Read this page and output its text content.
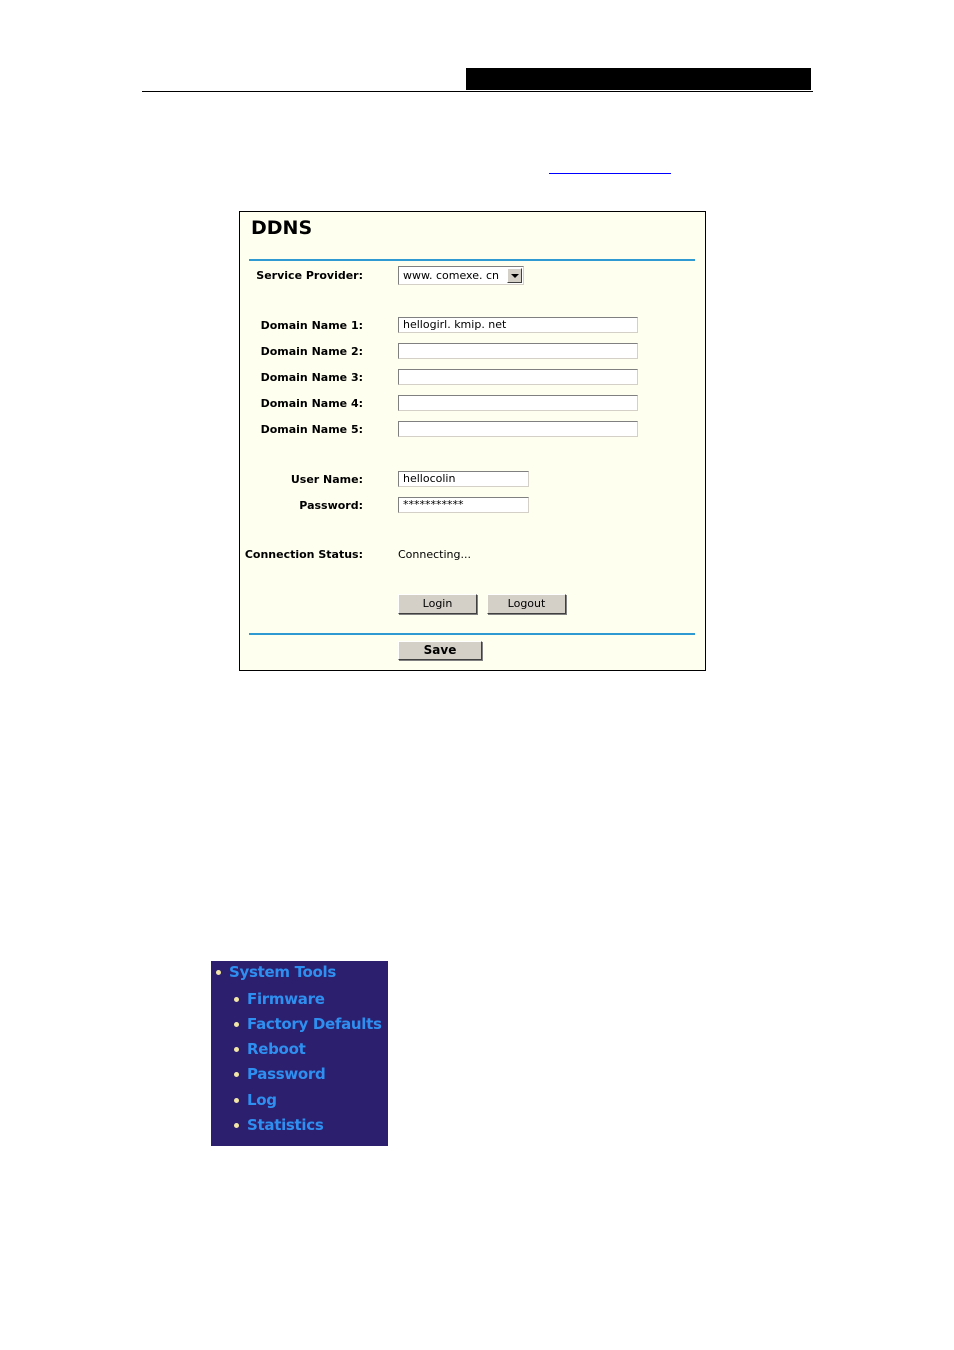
DDNS
Service Provider:	www. comexe. cn
Domain Name 1:	hellogirl. kmip. net
Domain Name 2:
Domain Name 3:
Domain Name 4:
Domain Name 5:
User Name:	hellocolin
Password:	***********
Connection Status:	Connecting...
Login	Logout
Save
System Tools
Firmware
Factory Defaults
Reboot
Password
Log
Statistics
